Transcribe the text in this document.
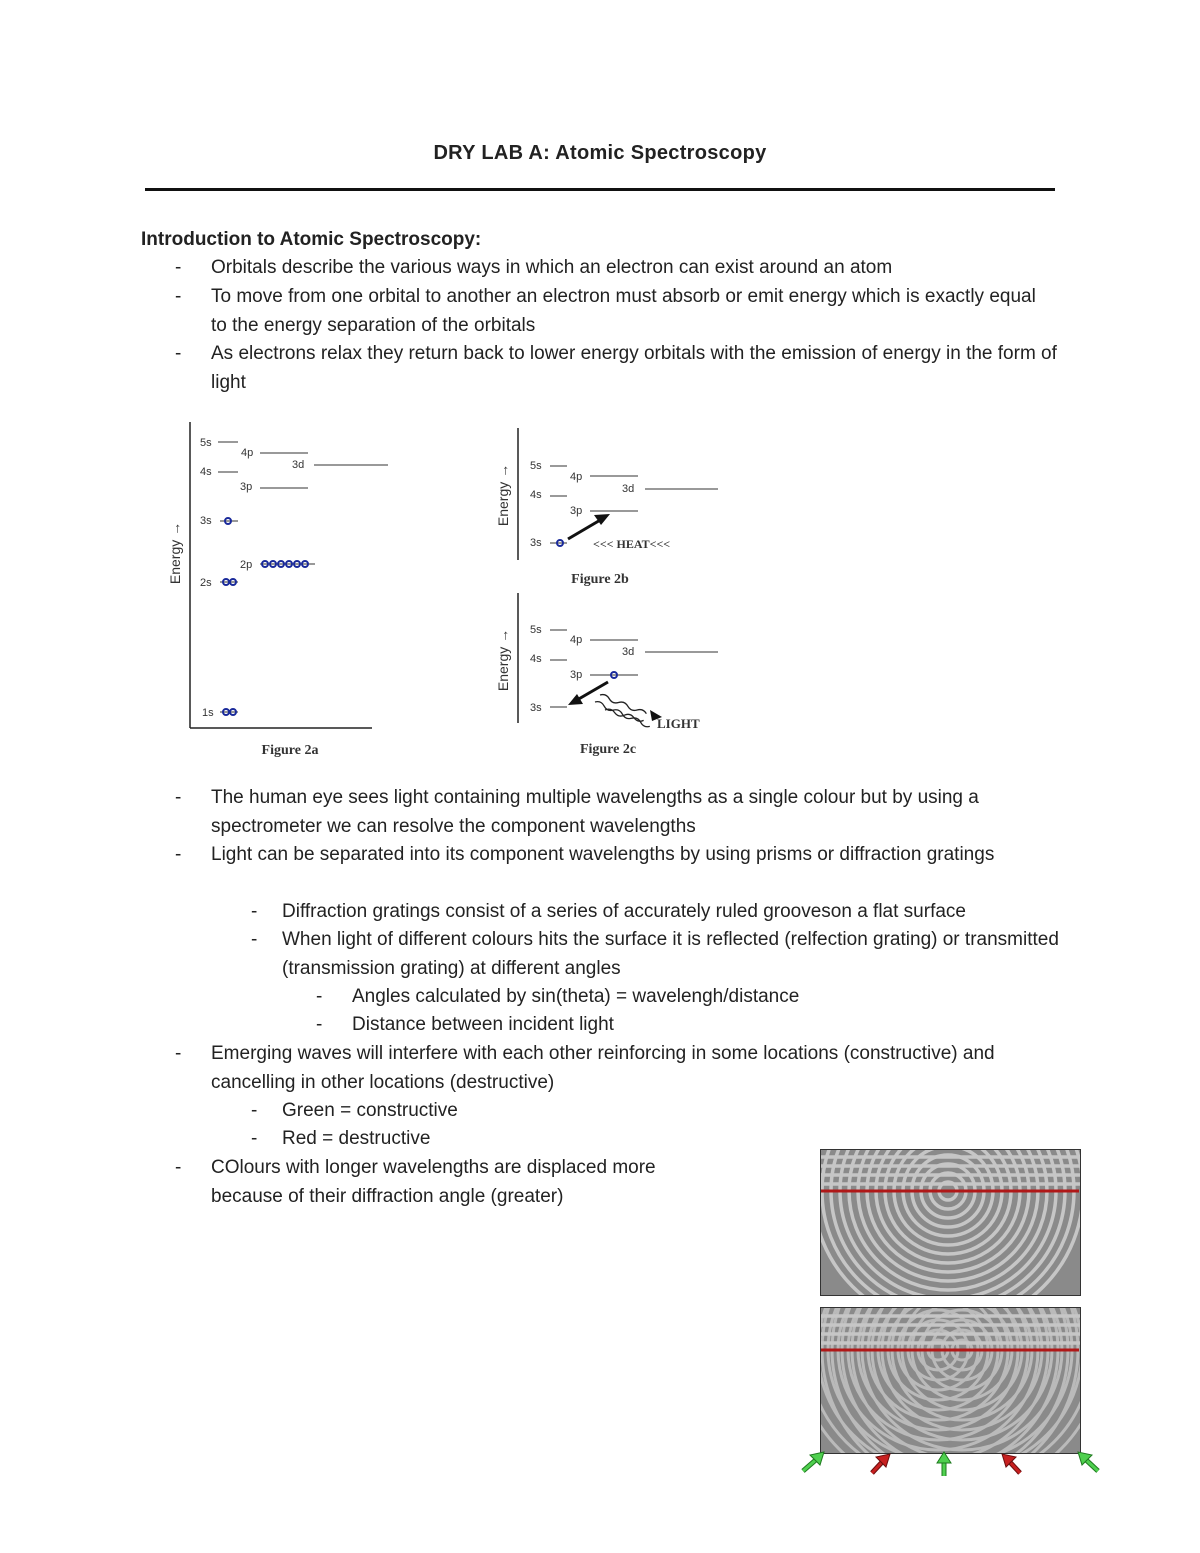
DRY LAB A: Atomic Spectroscopy
Introduction to Atomic Spectroscopy:
- Orbitals describe the various ways in which an electron can exist around an atom
- To move from one orbital to another an electron must absorb or emit energy which is exactly equal to the energy separation of the orbitals
- As electrons relax they return back to lower energy orbitals with the emission of energy in the form of light
Energy →
5s
4p
3d
4s
3p
3s
2p
2s
1s
Figure 2a
Energy → 5s
4p
4s	3d
3p
3s	<<< HEAT<<<
Figure 2b
Energy → 5s
4p
4s
3d
3p
3s
LIGHT
Figure 2c
- The human eye sees light containing multiple wavelengths as a single colour but by using a spectrometer we can resolve the component wavelengths
- Light can be separated into its component wavelengths by using prisms or diffraction gratings
- Diffraction gratings consist of a series of accurately ruled grooveson a flat surface
- When light of different colours hits the surface it is reflected (relfection grating) or transmitted (transmission grating) at different angles
- Angles calculated by sin(theta) = wavelengh/distance
- Distance between incident light
- Emerging waves will interfere with each other reinforcing in some locations (constructive) and cancelling in other locations (destructive)
- Green = constructive
- Red = destructive
- COlours with longer wavelengths are displaced more because of their diffraction angle (greater)
